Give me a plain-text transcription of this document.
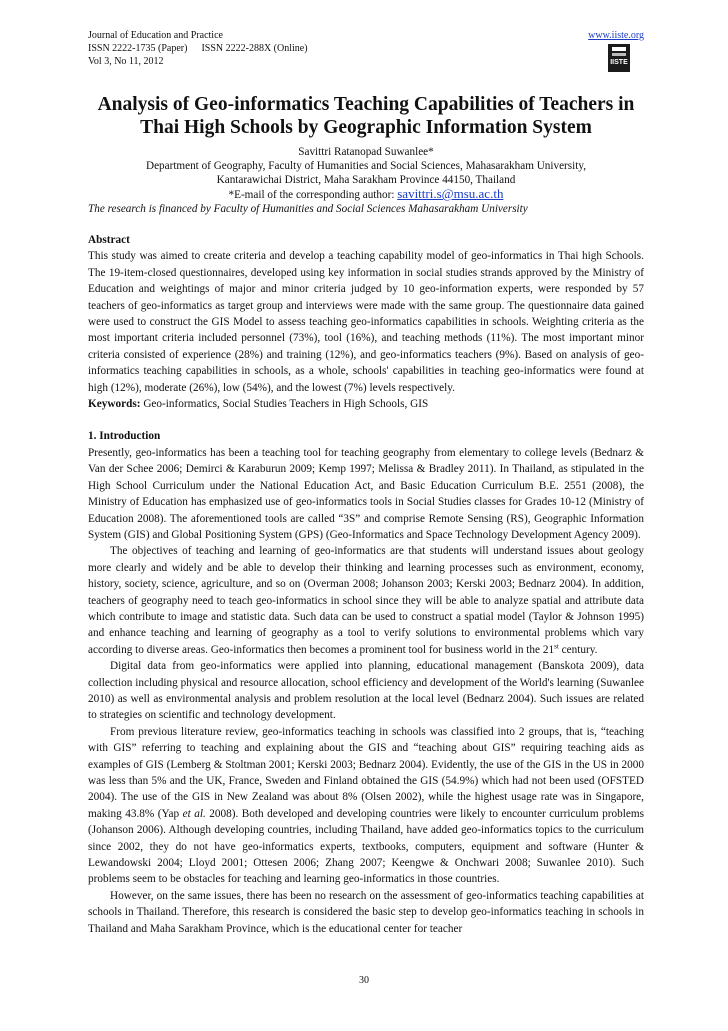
Journal of Education and Practice
ISSN 2222-1735 (Paper) ISSN 2222-288X (Online)
Vol 3, No 11, 2012
www.iiste.org
IISTE
Analysis of Geo-informatics Teaching Capabilities of Teachers in
Thai High Schools by Geographic Information System
Savittri Ratanopad Suwanlee*
Department of Geography, Faculty of Humanities and Social Sciences, Mahasarakham University,
Kantarawichai District, Maha Sarakham Province 44150, Thailand
*E-mail of the corresponding author: savittri.s@msu.ac.th
The research is financed by Faculty of Humanities and Social Sciences Mahasarakham University

Abstract

This study was aimed to create criteria and develop a teaching capability model of geo-informatics in Thai high Schools. The 19-item-closed questionnaires, developed using key information in social studies strands approved by the Ministry of Education and weightings of major and minor criteria judged by 10 geo-information experts, were responded by 57 teachers of geo-informatics as target group and interviews were made with the same group. The questionnaire data gained were used to construct the GIS Model to assess teaching geo-informatics capabilities in schools. Weighting criteria as the most important criteria included personnel (73%), tool (16%), and teaching methods (11%). The most important minor criteria consisted of experience (28%) and training (12%), and geo-informatics teachers (9%). Based on analysis of geo-informatics teaching capabilities in schools, as a whole, schools' capabilities in teaching geo-informatics were found at high (12%), moderate (26%), low (54%), and the lowest (7%) levels respectively.

Keywords: Geo-informatics, Social Studies Teachers in High Schools, GIS

1. Introduction

Presently, geo-informatics has been a teaching tool for teaching geography from elementary to college levels (Bednarz & Van der Schee 2006; Demirci & Karaburun 2009; Kemp 1997; Melissa & Bradley 2011). In Thailand, as stipulated in the High School Curriculum under the National Education Act, and Basic Education Curriculum B.E. 2551 (2008), the Ministry of Education has emphasized use of geo-informatics tools in Social Studies classes for Grades 10-12 (Ministry of Education 2008). The aforementioned tools are called “3S” and comprise Remote Sensing (RS), Geographic Information System (GIS) and Global Positioning System (GPS) (Geo-Informatics and Space Technology Development Agency 2009).

The objectives of teaching and learning of geo-informatics are that students will understand issues about geology more clearly and widely and be able to develop their thinking and learning processes such as environment, economy, history, society, science, agriculture, and so on (Overman 2008; Johanson 2003; Kerski 2003; Bednarz 2004). In addition, teachers of geography need to teach geo-informatics in school since they will be able to analyze spatial and attribute data which contribute to image and statistic data. Such data can be used to construct a spatial model (Taylor & Johnson 1995) and enhance teaching and learning of geography as a tool to verify solutions to environmental problems which vary according to diverse areas. Geo-informatics then becomes a prominent tool for business world in the 21st century.

Digital data from geo-informatics were applied into planning, educational management (Banskota 2009), data collection including physical and resource allocation, school efficiency and development of the World's learning (Suwanlee 2010) as well as environmental analysis and problem resolution at the local level (Bednarz 2004). Such issues are related to strategies on scientific and technology development.

From previous literature review, geo-informatics teaching in schools was classified into 2 groups, that is, “teaching with GIS” referring to teaching and explaining about the GIS and “teaching about GIS” requiring teaching aids as examples of GIS (Lemberg & Stoltman 2001; Kerski 2003; Bednarz 2004). Evidently, the use of the GIS in the US in 2000 was less than 5% and the UK, France, Sweden and Finland obtained the GIS (54.9%) which had not been used (OFSTED 2004). The use of the GIS in New Zealand was about 8% (Olsen 2002), while the highest usage rate was in Singapore, making 43.8% (Yap et al. 2008). Both developed and developing countries were likely to encounter curriculum problems (Johanson 2006). Although developing countries, including Thailand, have added geo-informatics topics to the curriculum since 2002, they do not have geo-informatics experts, textbooks, computers, equipment and software (Hunter & Lewandowski 2004; Lloyd 2001; Ottesen 2006; Zhang 2007; Keengwe & Onchwari 2008; Suwanlee 2010). Such problems seem to be obstacles for teaching and learning geo-informatics in those countries.

However, on the same issues, there has been no research on the assessment of geo-informatics teaching capabilities at schools in Thailand. Therefore, this research is considered the basic step to develop geo-informatics teaching in schools in Thailand and Maha Sarakham Province, which is the educational center for teacher

30
